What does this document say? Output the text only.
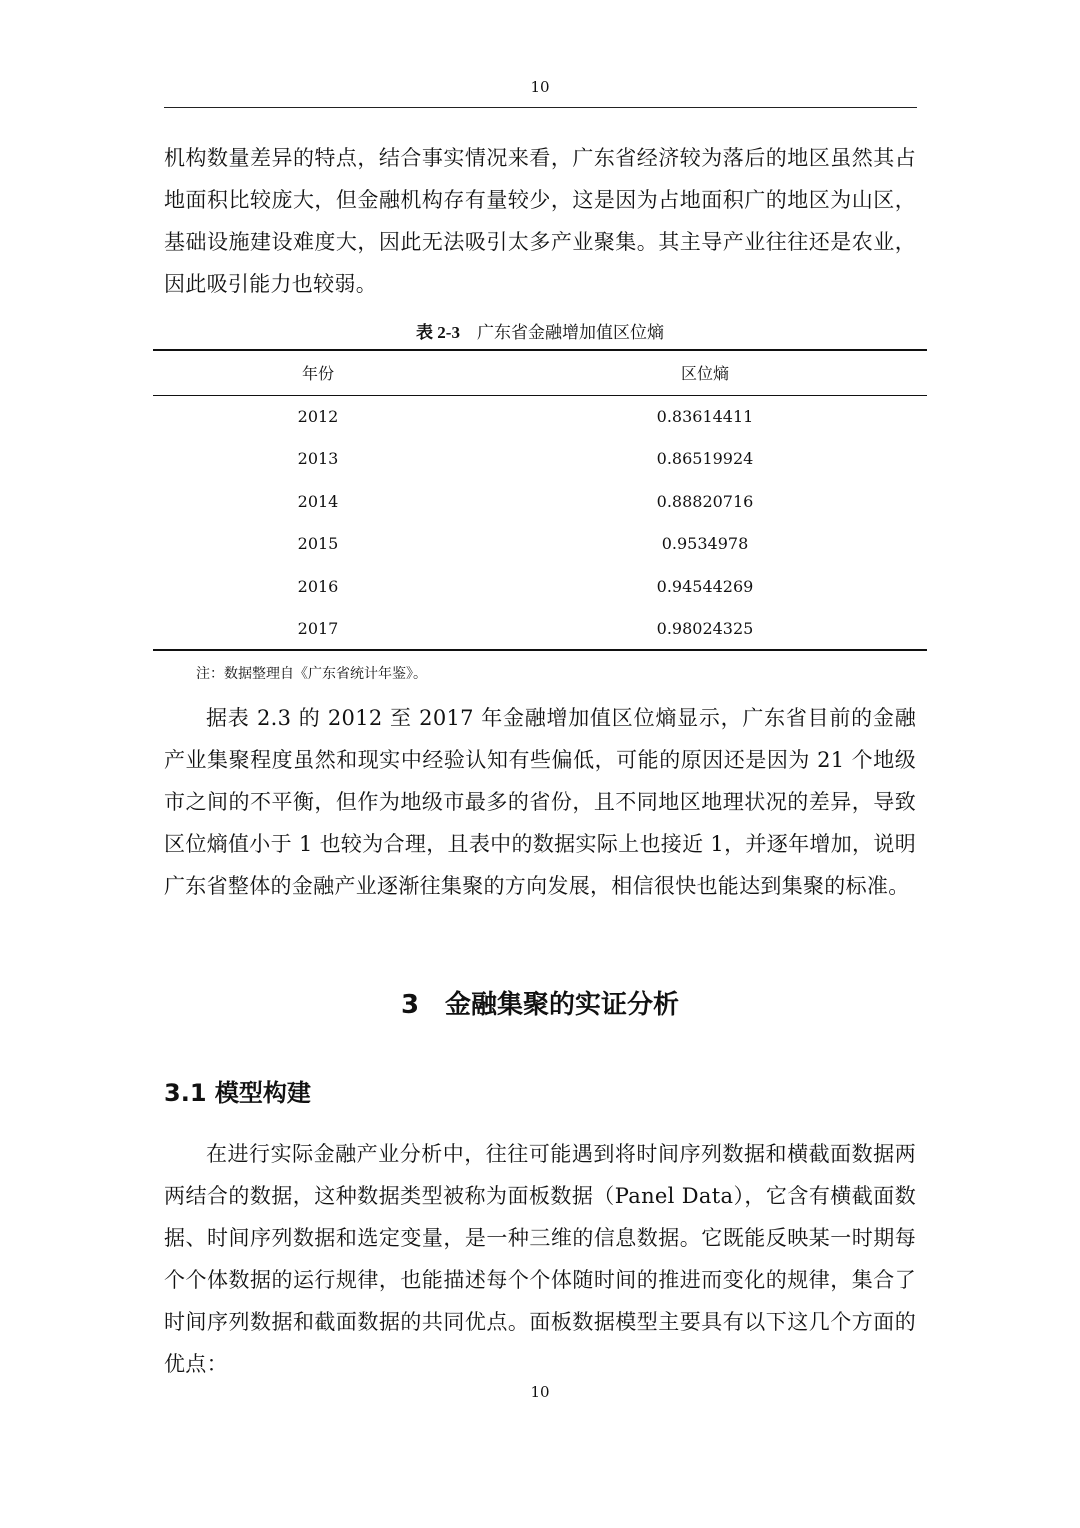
10
机构数量差异的特点，结合事实情况来看，广东省经济较为落后的地区虽然其占地面积比较庞大，但金融机构存有量较少，这是因为占地面积广的地区为山区，基础设施建设难度大，因此无法吸引太多产业聚集。其主导产业往往还是农业，因此吸引能力也较弱。
表 2-3　 广东省金融增加值区位熵
年份	区位熵
2012	0.83614411
2013	0.86519924
2014	0.88820716
2015	0.9534978
2016	0.94544269
2017	0.98024325
注：数据整理自《广东省统计年鉴》。
据表 2.3 的 2012 至 2017 年金融增加值区位熵显示，广东省目前的金融产业集聚程度虽然和现实中经验认知有些偏低，可能的原因还是因为 21 个地级市之间的不平衡，但作为地级市最多的省份，且不同地区地理状况的差异，导致区位熵值小于 1 也较为合理，且表中的数据实际上也接近 1，并逐年增加，说明广东省整体的金融产业逐渐往集聚的方向发展，相信很快也能达到集聚的标准。
3　金融集聚的实证分析
3.1 模型构建
在进行实际金融产业分析中，往往可能遇到将时间序列数据和横截面数据两两结合的数据，这种数据类型被称为面板数据（Panel Data），它含有横截面数据、时间序列数据和选定变量，是一种三维的信息数据。它既能反映某一时期每个个体数据的运行规律，也能描述每个个体随时间的推进而变化的规律，集合了时间序列数据和截面数据的共同优点。面板数据模型主要具有以下这几个方面的优点：
10
